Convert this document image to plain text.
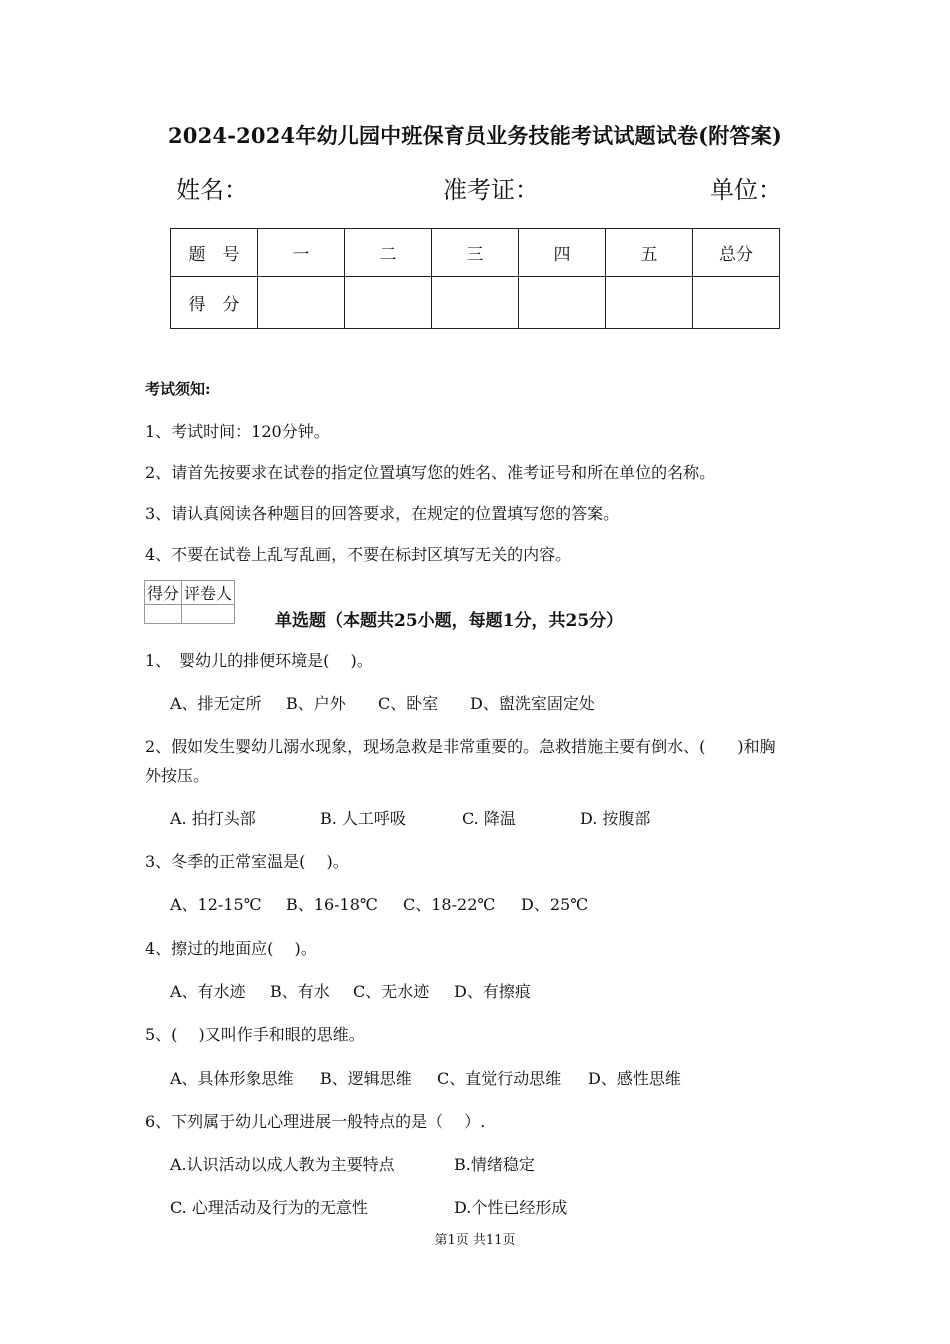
2024-2024年幼儿园中班保育员业务技能考试试题试卷(附答案)
姓名：	准考证：	单位：
题　号	一	二	三	四	五	总分
得　分						
考试须知:
1、考试时间：120分钟。
2、请首先按要求在试卷的指定位置填写您的姓名、准考证号和所在单位的名称。
3、请认真阅读各种题目的回答要求，在规定的位置填写您的答案。
4、不要在试卷上乱写乱画，不要在标封区填写无关的内容。
得分	评卷人

单选题（本题共25小题，每题1分，共25分）
1、　婴幼儿的排便环境是(　 )。
A、排无定所 B、户外 C、卧室 D、盥洗室固定处
2、假如发生婴幼儿溺水现象，现场急救是非常重要的。急救措施主要有倒水、(　　)和胸
外按压。
A. 拍打头部	B. 人工呼吸	C. 降温	D. 按腹部
3、冬季的正常室温是(　 )。
A、12-15℃ B、16-18℃ C、18-22℃ D、25℃
4、擦过的地面应(　 )。
A、有水迹 B、有水 C、无水迹 D、有擦痕
5、(　 )又叫作手和眼的思维。
A、具体形象思维 B、逻辑思维 C、直觉行动思维 D、感性思维
6、下列属于幼儿心理进展一般特点的是（　 ）.
A.认识活动以成人教为主要特点	B.情绪稳定
C. 心理活动及行为的无意性	D.个性已经形成
第1页 共11页
